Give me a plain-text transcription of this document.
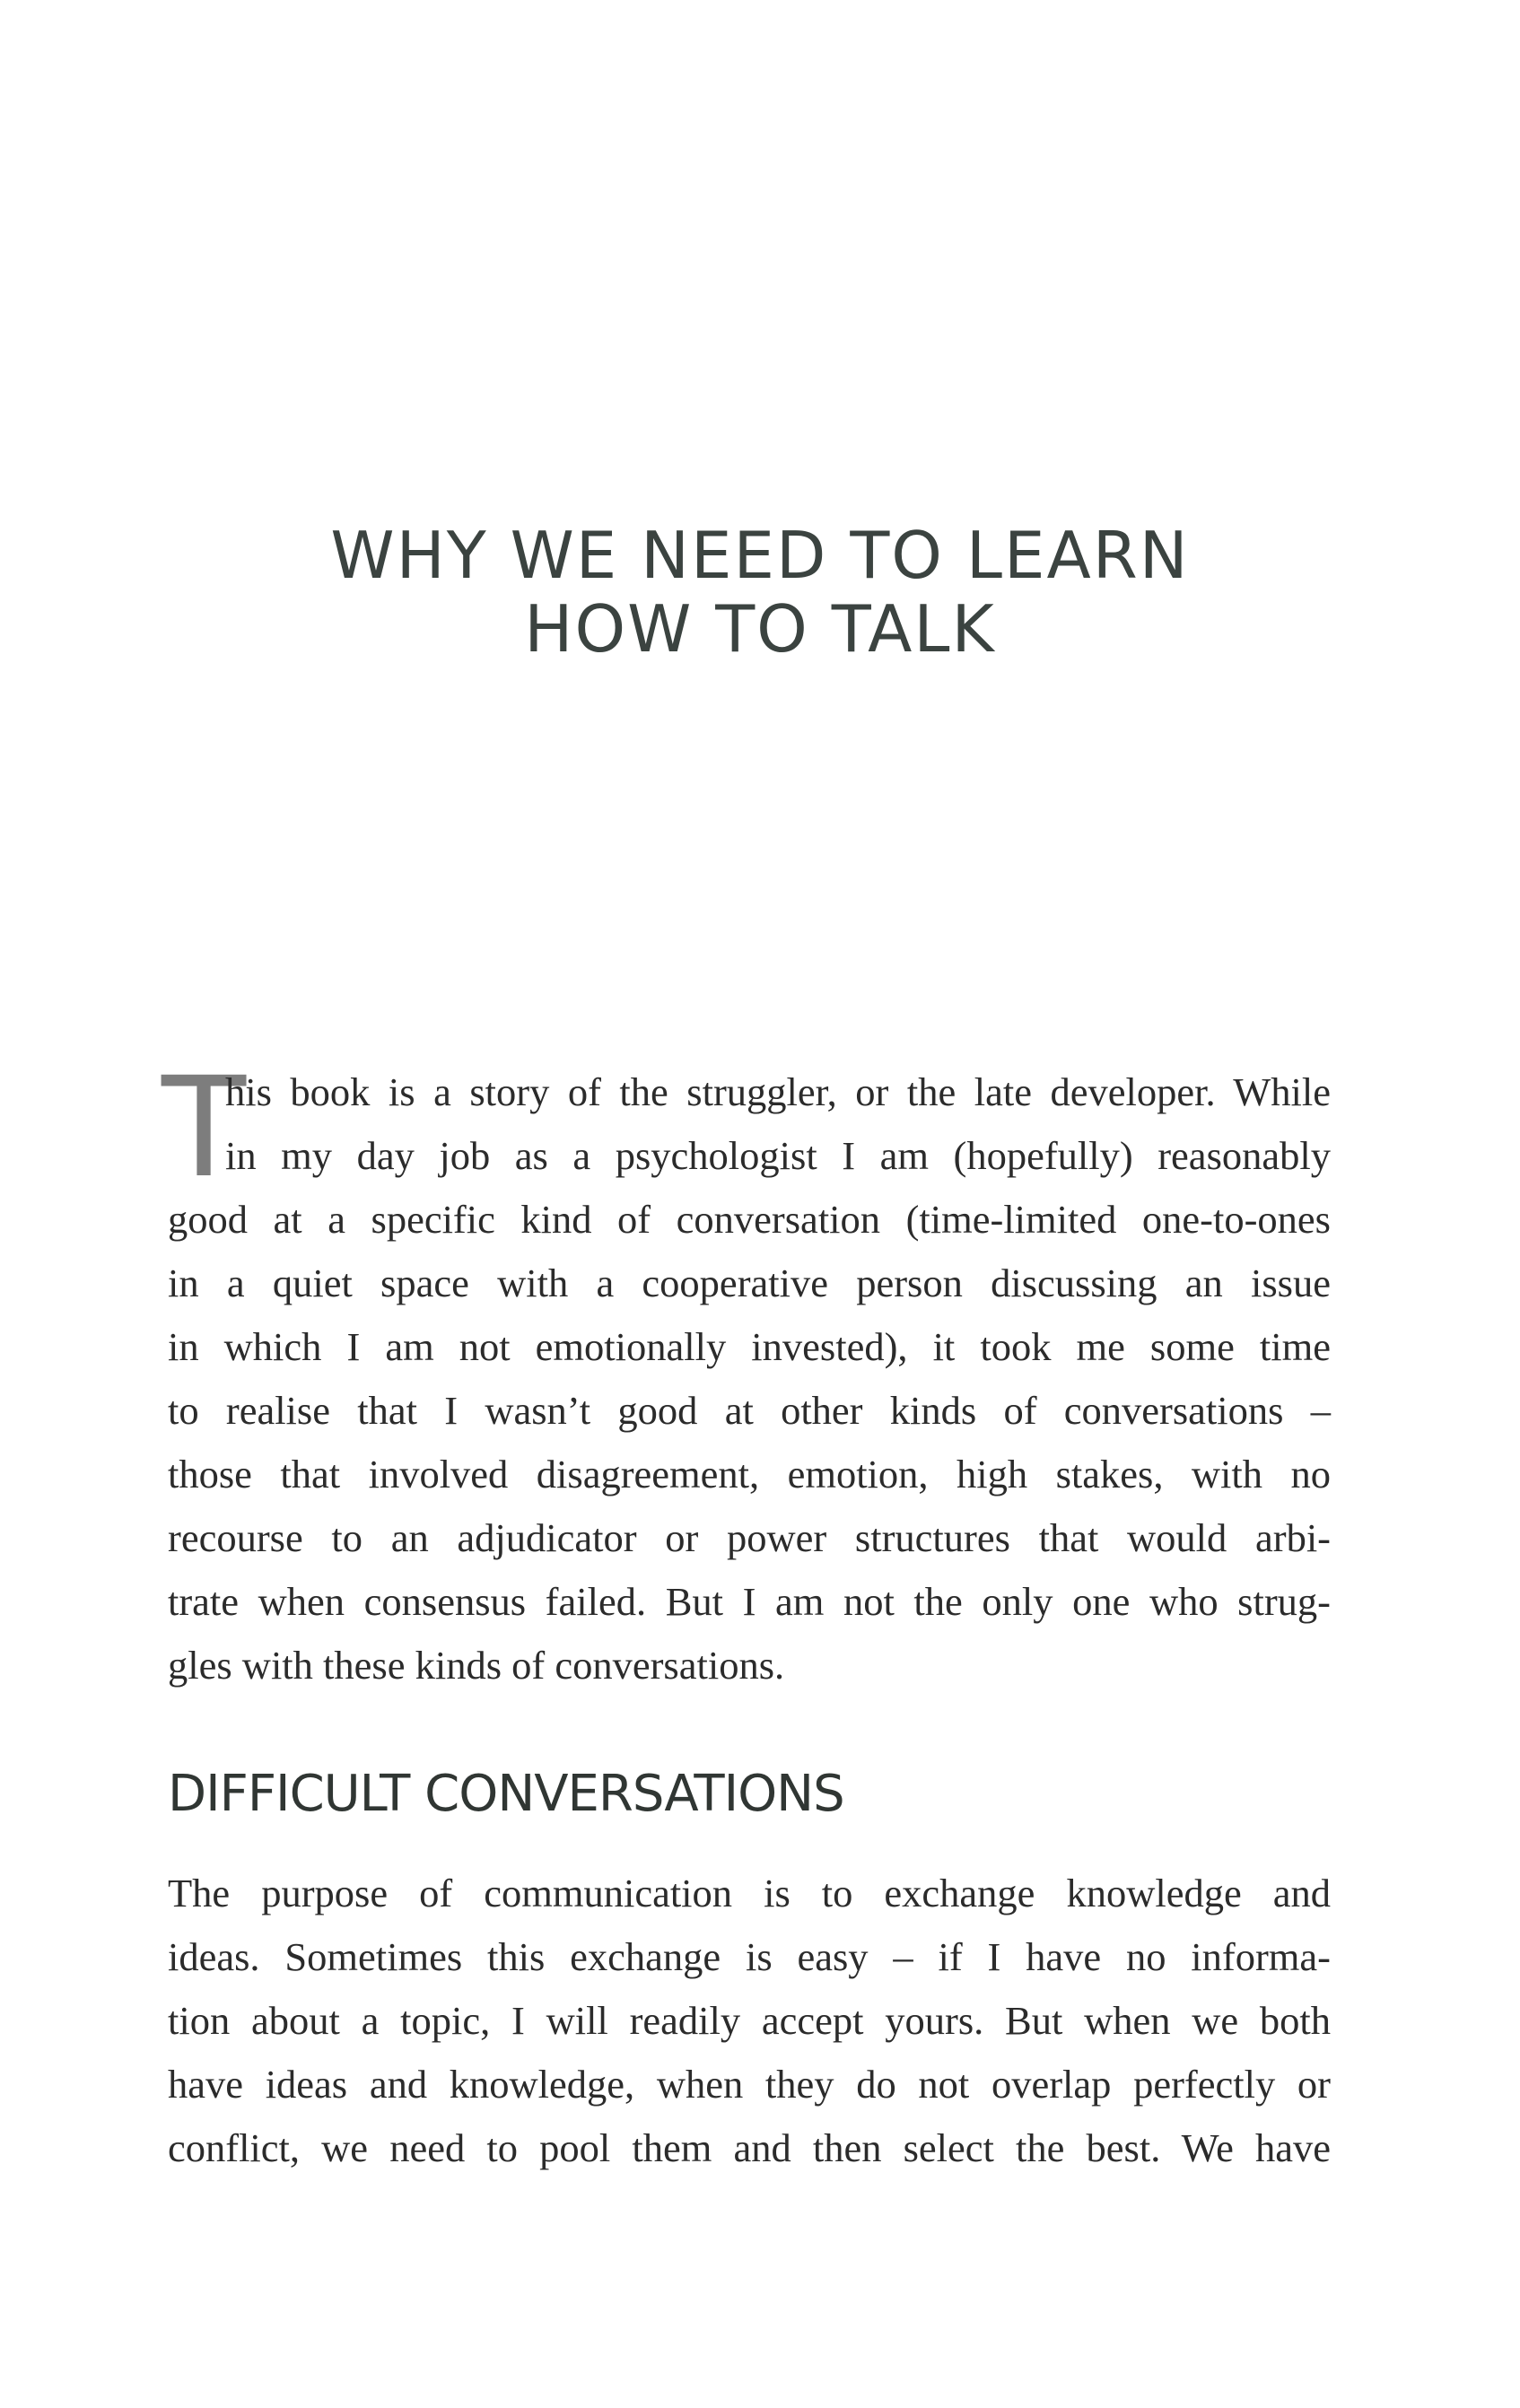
WHY WE NEED TO LEARN
HOW TO TALK
T

his book is a story of the struggler, or the late developer. While
in my day job as a psychologist I am (hopefully) reasonably
good at a specific kind of conversation (time-limited one-to-ones
in a quiet space with a cooperative person discussing an issue
in which I am not emotionally invested), it took me some time
to realise that I wasn’t good at other kinds of conversations –
those that involved disagreement, emotion, high stakes, with no
recourse to an adjudicator or power structures that would arbi-
trate when consensus failed. But I am not the only one who strug-
gles with these kinds of conversations.

DIFFICULT CONVERSATIONS

The purpose of communication is to exchange knowledge and
ideas. Sometimes this exchange is easy – if I have no informa-
tion about a topic, I will readily accept yours. But when we both
have ideas and knowledge, when they do not overlap perfectly or
conflict, we need to pool them and then select the best. We have
